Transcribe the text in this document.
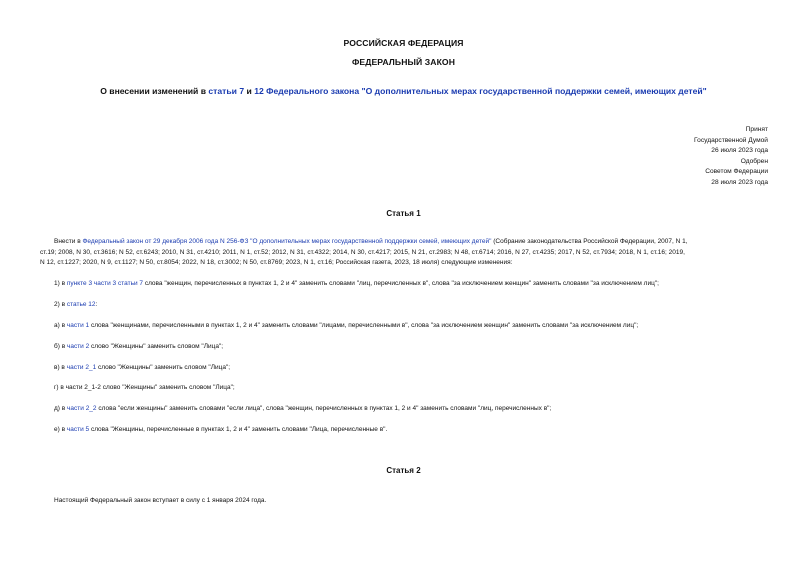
РОССИЙСКАЯ ФЕДЕРАЦИЯ
ФЕДЕРАЛЬНЫЙ ЗАКОН
О внесении изменений в статьи 7 и 12 Федерального закона "О дополнительных мерах государственной поддержки семей, имеющих детей"
Принят
Государственной Думой
26 июля 2023 года
Одобрен
Советом Федерации
28 июля 2023 года
Статья 1
Внести в Федеральный закон от 29 декабря 2006 года N 256-ФЗ "О дополнительных мерах государственной поддержки семей, имеющих детей" (Собрание законодательства Российской Федерации, 2007, N 1,
ст.19; 2008, N 30, ст.3616; N 52, ст.6243; 2010, N 31, ст.4210; 2011, N 1, ст.52; 2012, N 31, ст.4322; 2014, N 30, ст.4217; 2015, N 21, ст.2983; N 48, ст.6714; 2016, N 27, ст.4235; 2017, N 52, ст.7934; 2018, N 1, ст.16; 2019,
N 12, ст.1227; 2020, N 9, ст.1127; N 50, ст.8054; 2022, N 18, ст.3002; N 50, ст.8769; 2023, N 1, ст.16; Российская газета, 2023, 18 июля) следующие изменения:
1) в пункте 3 части 3 статьи 7 слова "женщин, перечисленных в пунктах 1, 2 и 4" заменить словами "лиц, перечисленных в", слова "за исключением женщин" заменить словами "за исключением лиц";
2) в статье 12:
а) в части 1 слова "женщинами, перечисленными в пунктах 1, 2 и 4" заменить словами "лицами, перечисленными в", слова "за исключением женщин" заменить словами "за исключением лиц";
б) в части 2 слово "Женщины" заменить словом "Лица";
в) в части 2_1 слово "Женщины" заменить словом "Лица";
г) в части 2_1-2 слово "Женщины" заменить словом "Лица";
д) в части 2_2 слова "если женщины" заменить словами "если лица", слова "женщин, перечисленных в пунктах 1, 2 и 4" заменить словами "лиц, перечисленных в";
е) в части 5 слова "Женщины, перечисленные в пунктах 1, 2 и 4" заменить словами "Лица, перечисленные в".
Статья 2
Настоящий Федеральный закон вступает в силу с 1 января 2024 года.
